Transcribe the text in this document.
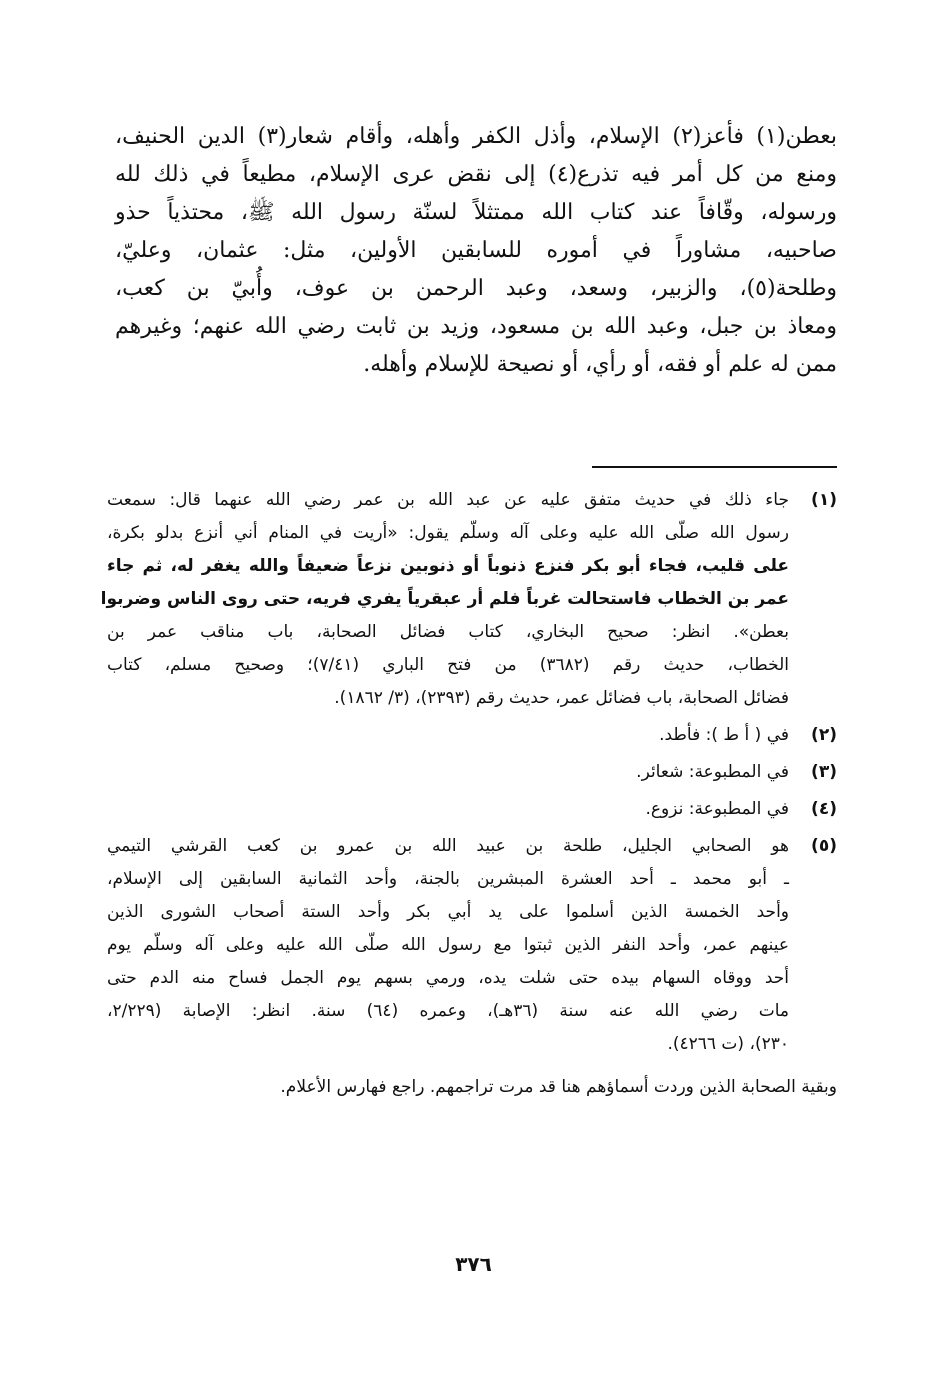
بعطن(١) فأعز(٢) الإسلام، وأذل الكفر وأهله، وأقام شعار(٣) الدين الحنيف،
ومنع من كل أمر فيه تذرع(٤) إلى نقض عرى الإسلام، مطيعاً في ذلك لله
ورسوله، وقّافاً عند كتاب الله ممتثلاً لسنّة رسول الله ﷺ، محتذياً حذو
صاحبيه، مشاوراً في أموره للسابقين الأولين، مثل: عثمان، وعليّ،
وطلحة(٥)، والزبير، وسعد، وعبد الرحمن بن عوف، وأُبيّ بن كعب،
ومعاذ بن جبل، وعبد الله بن مسعود، وزيد بن ثابت رضي الله عنهم؛ وغيرهم
ممن له علم أو فقه، أو رأي، أو نصيحة للإسلام وأهله.
(١)
جاء ذلك في حديث متفق عليه عن عبد الله بن عمر رضي الله عنهما قال: سمعت
رسول الله صلّى الله عليه وعلى آله وسلّم يقول: «أريت في المنام أني أنزع بدلو بكرة،
على قليب، فجاء أبو بكر فنزع ذنوباً أو ذنوبين نزعاً ضعيفاً والله يغفر له، ثم جاء
عمر بن الخطاب فاستحالت غرباً فلم أر عبقرياً يفري فريه، حتى روى الناس وضربوا
بعطن». انظر: صحيح البخاري، كتاب فضائل الصحابة، باب مناقب عمر بن
الخطاب، حديث رقم (٣٦٨٢) من فتح الباري (٧/٤١)؛ وصحيح مسلم، كتاب
فضائل الصحابة، باب فضائل عمر، حديث رقم (٢٣٩٣)، (٣/ ١٨٦٢).
(٢)
في ( أ ط ): فأطد.
(٣)
في المطبوعة: شعائر.
(٤)
في المطبوعة: نزوع.
(٥)
هو الصحابي الجليل، طلحة بن عبيد الله بن عمرو بن كعب القرشي التيمي
ـ أبو محمد ـ أحد العشرة المبشرين بالجنة، وأحد الثمانية السابقين إلى الإسلام،
وأحد الخمسة الذين أسلموا على يد أبي بكر وأحد الستة أصحاب الشورى الذين
عينهم عمر، وأحد النفر الذين ثبتوا مع رسول الله صلّى الله عليه وعلى آله وسلّم يوم
أحد ووقاه السهام بيده حتى شلت يده، ورمي بسهم يوم الجمل فساح منه الدم حتى
مات رضي الله عنه سنة (٣٦هـ)، وعمره (٦٤) سنة. انظر: الإصابة (٢/٢٢٩،
٢٣٠)، (ت ٤٢٦٦).
وبقية الصحابة الذين وردت أسماؤهم هنا قد مرت تراجمهم. راجع فهارس الأعلام.
٣٧٦
